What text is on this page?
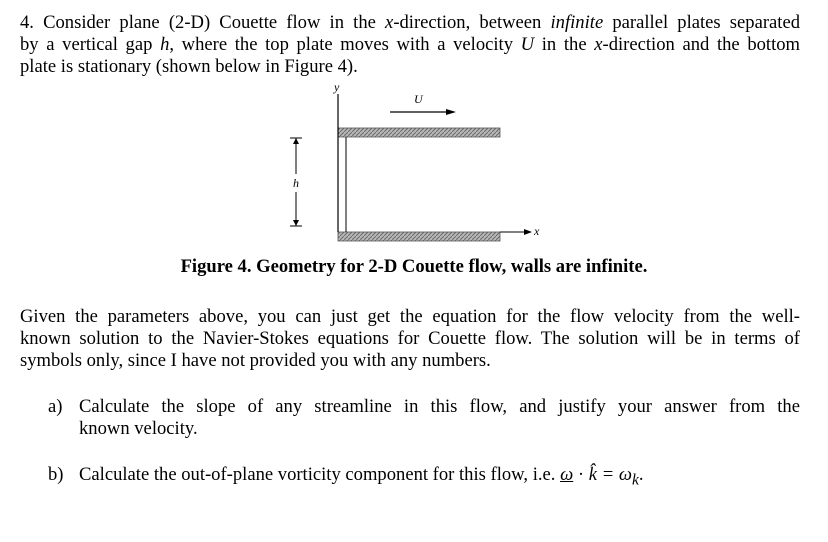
4. Consider plane (2-D) Couette flow in the x-direction, between infinite parallel plates separated
by a vertical gap h, where the top plate moves with a velocity U in the x-direction and the bottom
plate is stationary (shown below in Figure 4).
y
U
h
x
Figure 4. Geometry for 2-D Couette flow, walls are infinite.
Given the parameters above, you can just get the equation for the flow velocity from the well-
known solution to the Navier-Stokes equations for Couette flow. The solution will be in terms of
symbols only, since I have not provided you with any numbers.
a) Calculate the slope of any streamline in this flow, and justify your answer from the
known velocity.
b) Calculate the out-of-plane vorticity component for this flow, i.e. ω · k̂ = $\omega_k$.
